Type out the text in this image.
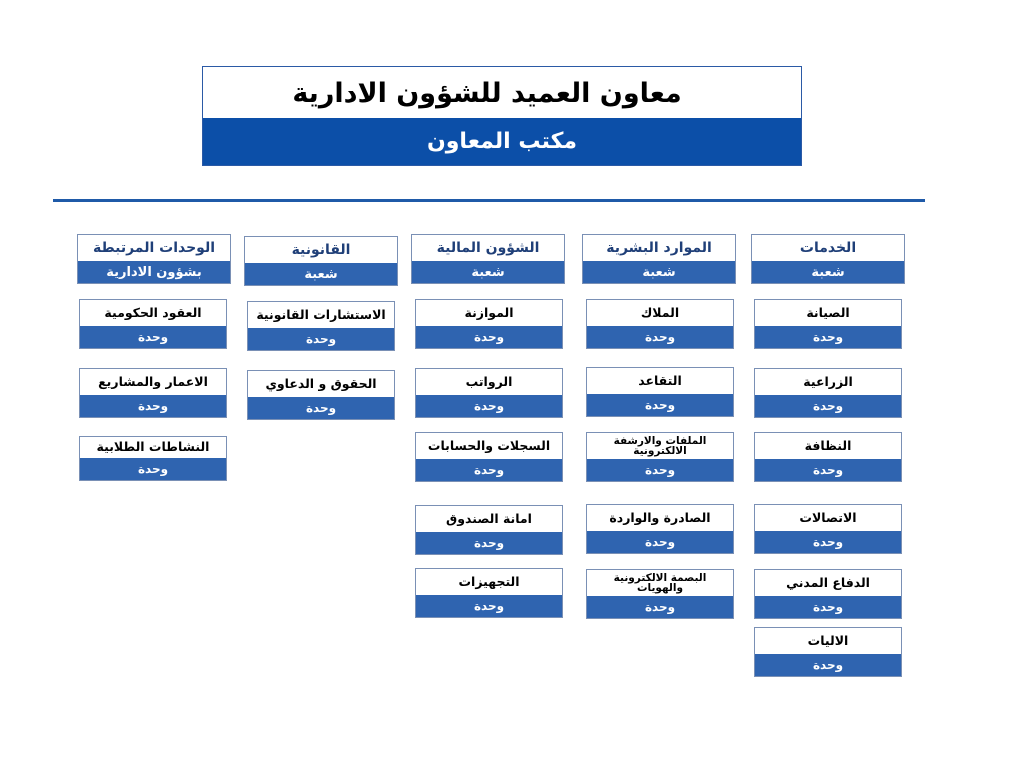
معاون العميد للشؤون الادارية
مكتب المعاون
الخدمات
شعبة
الموارد البشرية
شعبة
الشؤون المالية
شعبة
القانونية
شعبة
الوحدات المرتبطة
بشؤون الادارية
الصيانة
وحدة
الزراعية
وحدة
النظافة
وحدة
الاتصالات
وحدة
الدفاع المدني
وحدة
الاليات
وحدة
الملاك
وحدة
التقاعد
وحدة
الملفات والارشفة الالكترونية
وحدة
الصادرة والواردة
وحدة
البصمة الالكترونية والهويات
وحدة
الموازنة
وحدة
الرواتب
وحدة
السجلات والحسابات
وحدة
امانة الصندوق
وحدة
التجهيزات
وحدة
الاستشارات القانونية
وحدة
الحقوق و الدعاوي
وحدة
العقود الحكومية
وحدة
الاعمار والمشاريع
وحدة
النشاطات الطلابية
وحدة
